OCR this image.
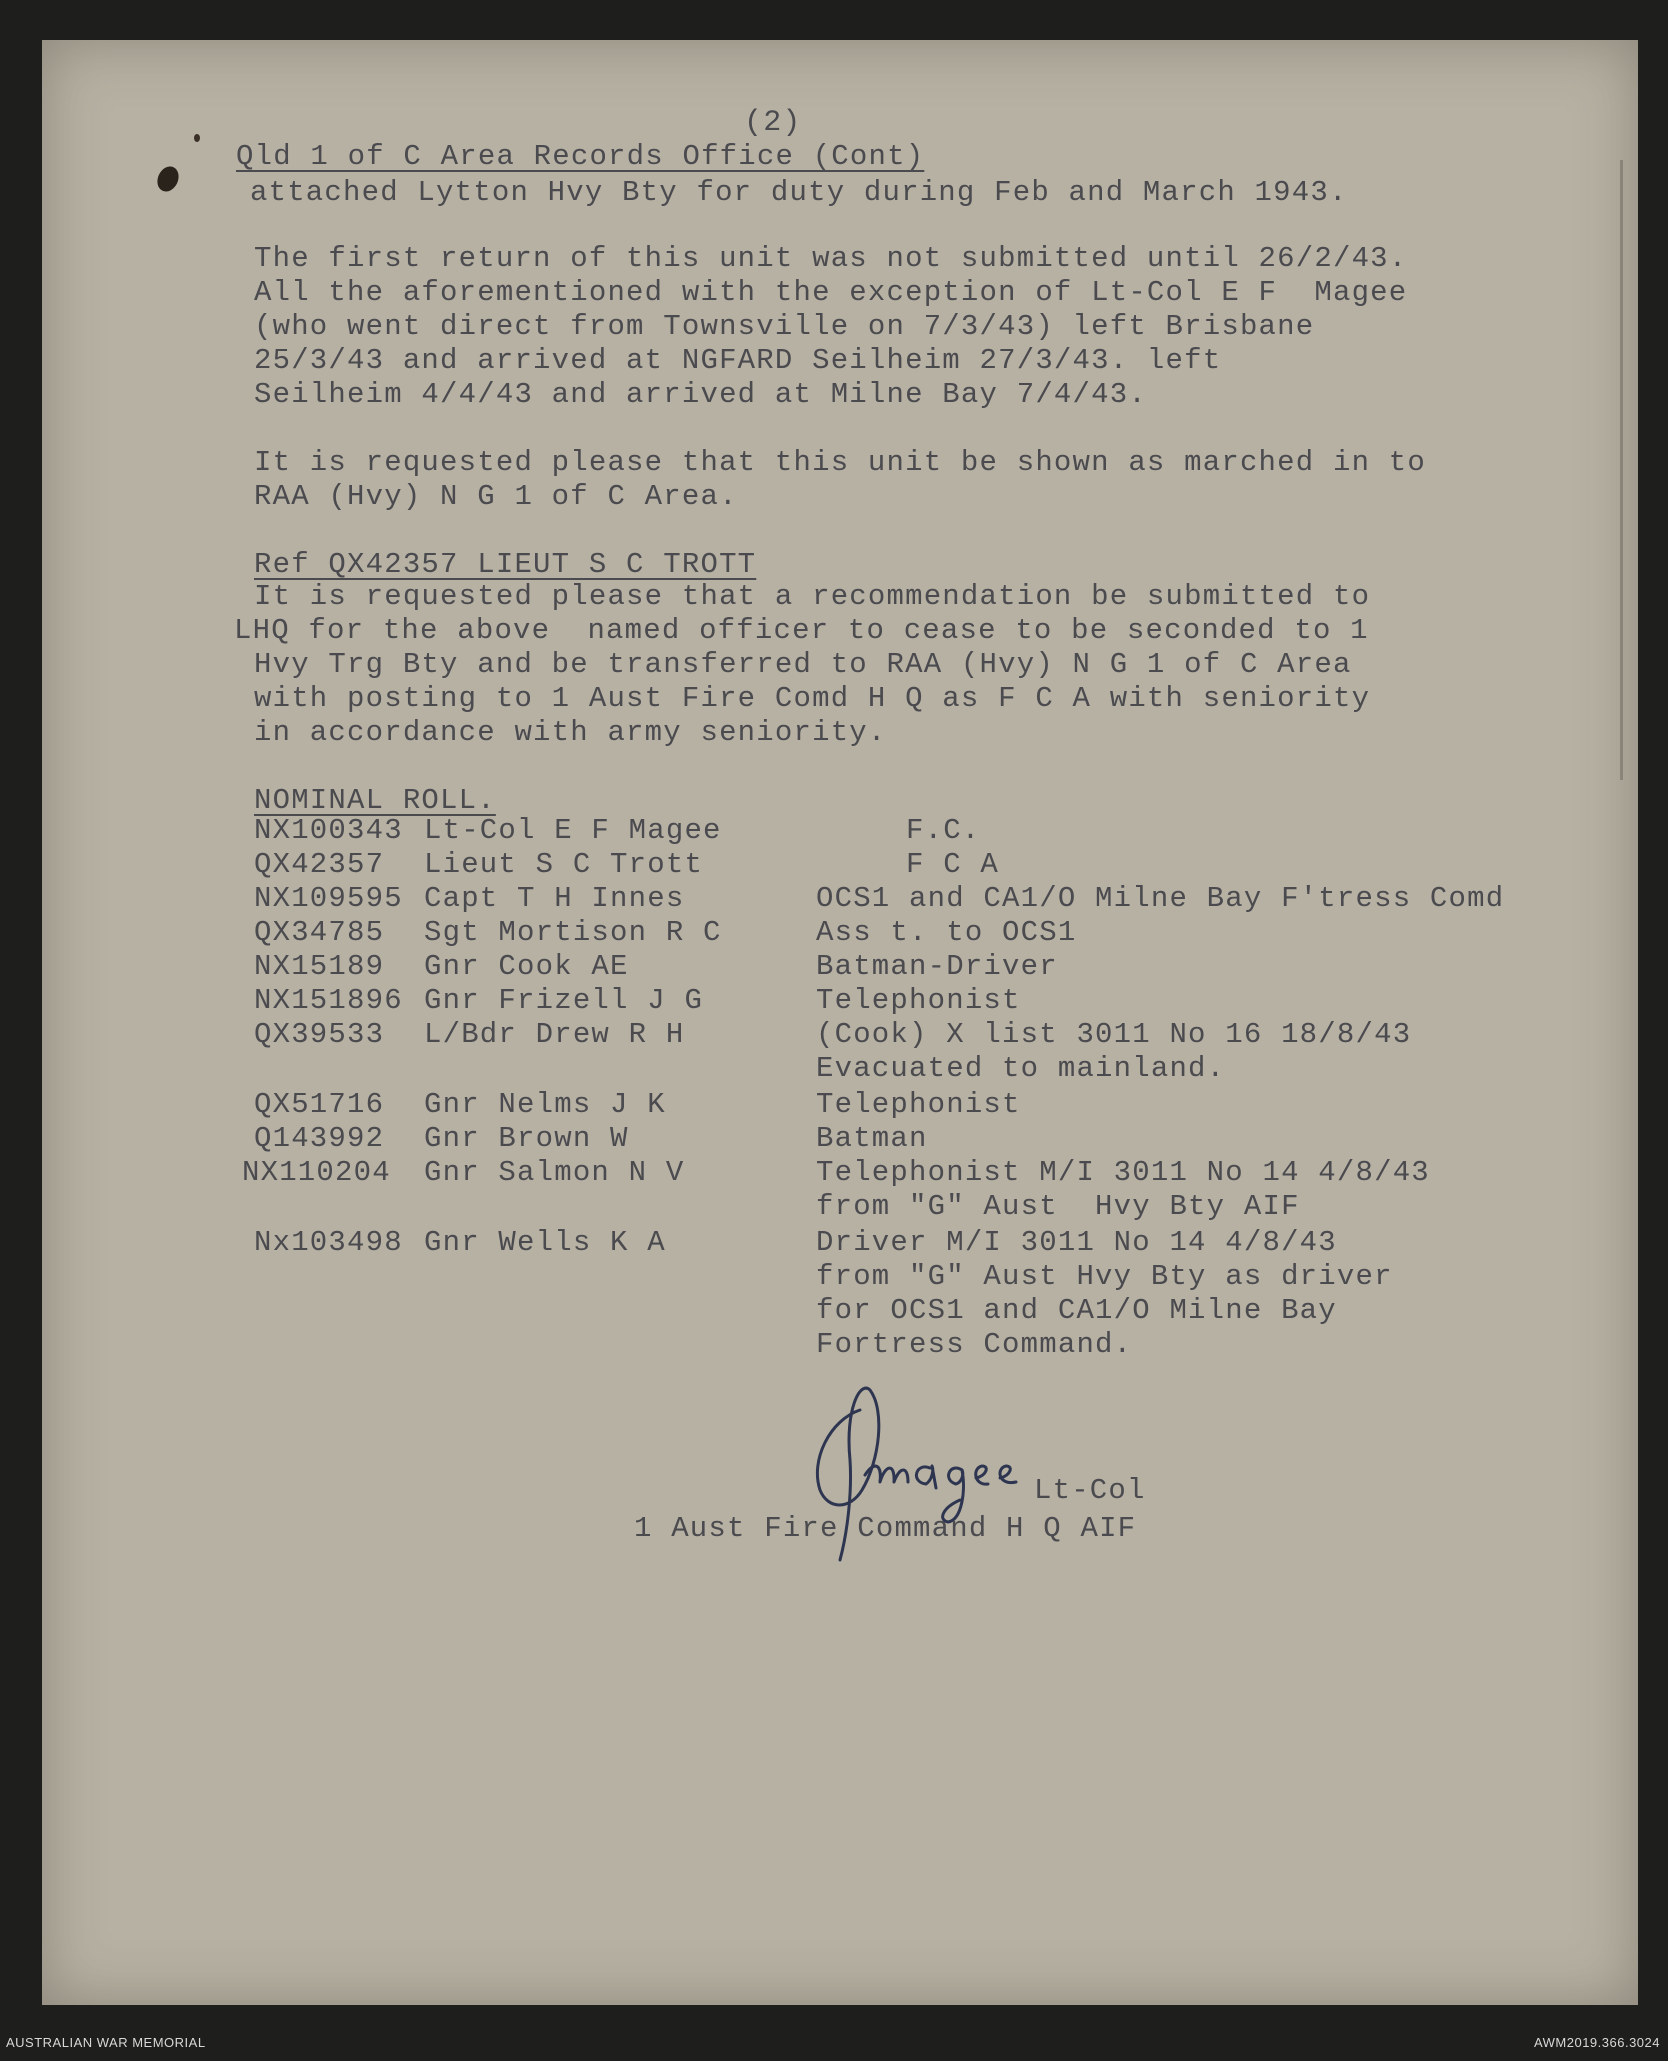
(2)
Qld 1 of C Area Records Office (Cont)
attached Lytton Hvy Bty for duty during Feb and March 1943.
The first return of this unit was not submitted until 26/2/43.
All the aforementioned with the exception of Lt-Col E F  Magee
(who went direct from Townsville on 7/3/43) left Brisbane
25/3/43 and arrived at NGFARD Seilheim 27/3/43. left
Seilheim 4/4/43 and arrived at Milne Bay 7/4/43.
It is requested please that this unit be shown as marched in to
RAA (Hvy) N G 1 of C Area.
Ref QX42357 LIEUT S C TROTT
It is requested please that a recommendation be submitted to
LHQ for the above  named officer to cease to be seconded to 1
Hvy Trg Bty and be transferred to RAA (Hvy) N G 1 of C Area
with posting to 1 Aust Fire Comd H Q as F C A with seniority
in accordance with army seniority.
NOMINAL ROLL.
NX100343 Lt-Col E F Magee	F.C.
QX42357 Lieut S C Trott	F C A
NX109595 Capt T H Innes	OCS1 and CA1/O Milne Bay F'tress Comd
QX34785 Sgt Mortison R C	Ass t. to OCS1
NX15189 Gnr Cook AE	Batman-Driver
NX151896 Gnr Frizell J G	Telephonist
QX39533 L/Bdr Drew R H	(Cook) X list 3011 No 16 18/8/43
Evacuated to mainland.
QX51716 Gnr Nelms J K	Telephonist
Q143992 Gnr Brown W	Batman
NX110204 Gnr Salmon N V	Telephonist M/I 3011 No 14 4/8/43
from "G" Aust  Hvy Bty AIF
Nx103498 Gnr Wells K A	Driver M/I 3011 No 14 4/8/43
from "G" Aust Hvy Bty as driver
for OCS1 and CA1/O Milne Bay
Fortress Command.
Lt-Col
1 Aust Fire Command H Q AIF
AUSTRALIAN WAR MEMORIAL	AWM2019.366.3024
